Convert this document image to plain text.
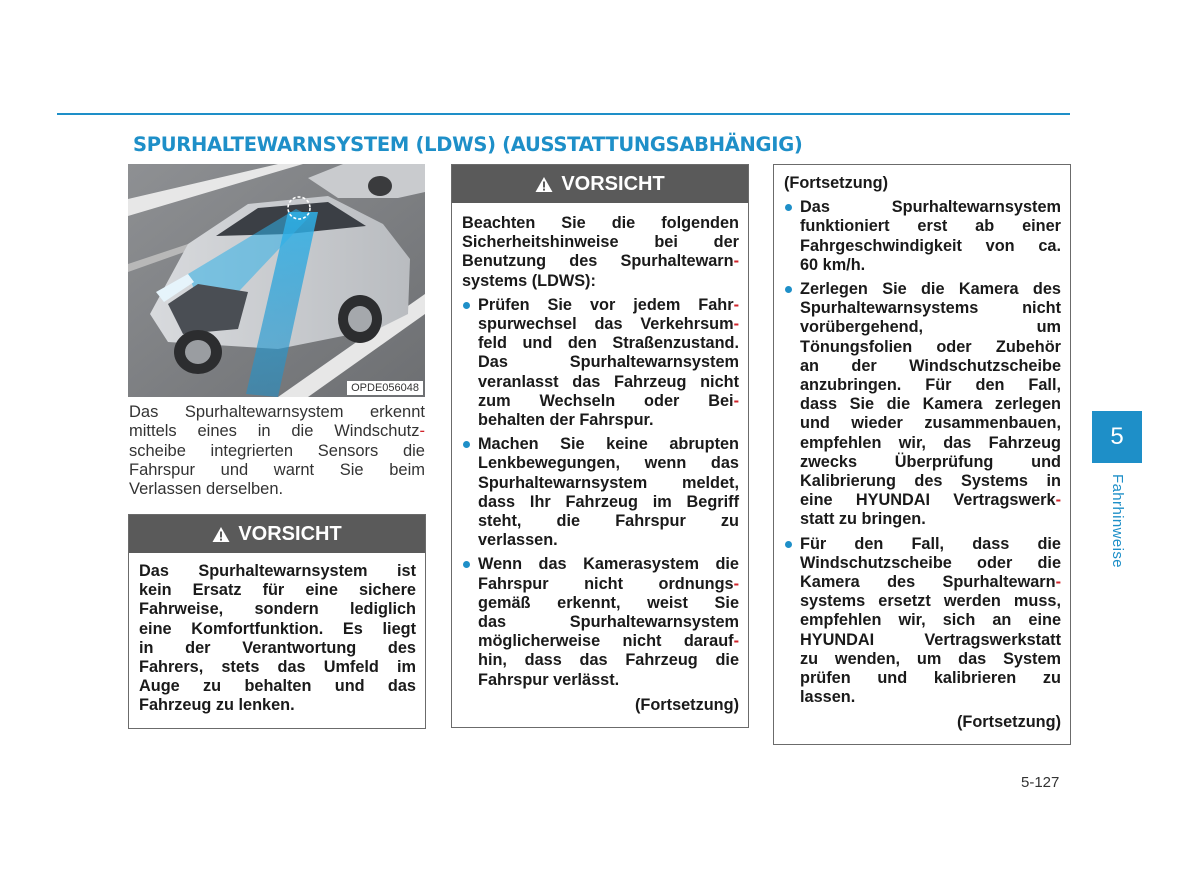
SPURHALTEWARNSYSTEM (LDWS) (AUSSTATTUNGSABHÄNGIG)
OPDE056048

Das Spurhaltewarnsystem erkennt
mittels eines in die Windschutz-
scheibe integrierten Sensors die
Fahrspur und warnt Sie beim
Verlassen derselben.

VORSICHT
Das Spurhaltewarnsystem ist
kein Ersatz für eine sichere
Fahrweise, sondern lediglich
eine Komfortfunktion. Es liegt
in der Verantwortung des
Fahrers, stets das Umfeld im
Auge zu behalten und das
Fahrzeug zu lenken.
VORSICHT
Beachten Sie die folgenden
Sicherheitshinweise bei der
Benutzung des Spurhaltewarn-
systems (LDWS):
Prüfen Sie vor jedem Fahr-
spurwechsel das Verkehrsum-
feld und den Straßenzustand.
Das Spurhaltewarnsystem
veranlasst das Fahrzeug nicht
zum Wechseln oder Bei-
behalten der Fahrspur.
Machen Sie keine abrupten
Lenkbewegungen, wenn das
Spurhaltewarnsystem meldet,
dass Ihr Fahrzeug im Begriff
steht, die Fahrspur zu
verlassen.
Wenn das Kamerasystem die
Fahrspur nicht ordnungs-
gemäß erkennt, weist Sie
das Spurhaltewarnsystem
möglicherweise nicht darauf-
hin, dass das Fahrzeug die
Fahrspur verlässt.
(Fortsetzung)
(Fortsetzung)
Das Spurhaltewarnsystem
funktioniert erst ab einer
Fahrgeschwindigkeit von ca.
60 km/h.
Zerlegen Sie die Kamera des
Spurhaltewarnsystems nicht
vorübergehend, um
Tönungsfolien oder Zubehör
an der Windschutzscheibe
anzubringen. Für den Fall,
dass Sie die Kamera zerlegen
und wieder zusammenbauen,
empfehlen wir, das Fahrzeug
zwecks Überprüfung und
Kalibrierung des Systems in
eine HYUNDAI Vertragswerk-
statt zu bringen.
Für den Fall, dass die
Windschutzscheibe oder die
Kamera des Spurhaltewarn-
systems ersetzt werden muss,
empfehlen wir, sich an eine
HYUNDAI Vertragswerkstatt
zu wenden, um das System
prüfen und kalibrieren zu
lassen.
(Fortsetzung)
5
Fahrhinweise
5-127
